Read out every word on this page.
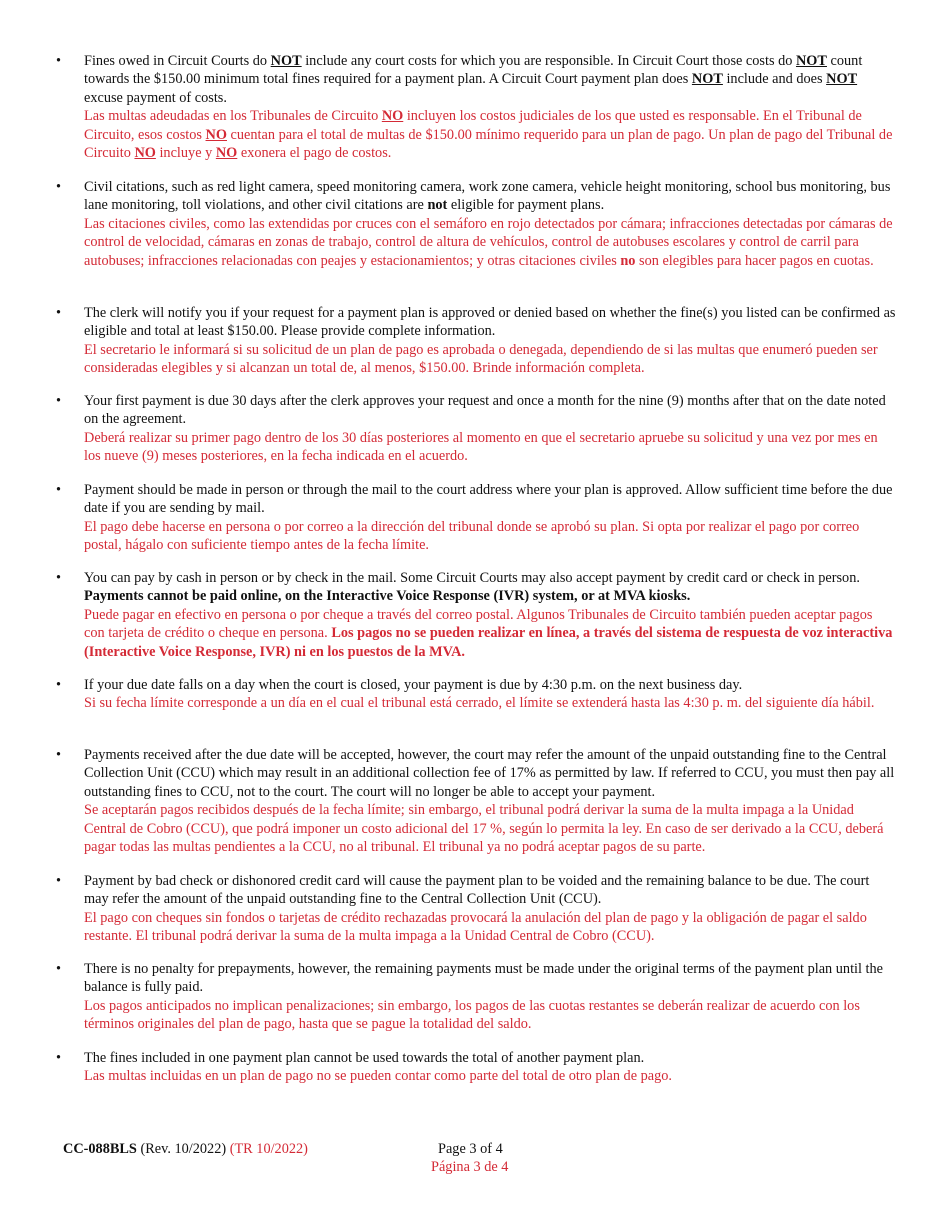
• Fines owed in Circuit Courts do NOT include any court costs for which you are responsible. In Circuit Court those costs do NOT count towards the $150.00 minimum total fines required for a payment plan. A Circuit Court payment plan does NOT include and does NOT excuse payment of costs.
Las multas adeudadas en los Tribunales de Circuito NO incluyen los costos judiciales de los que usted es responsable. En el Tribunal de Circuito, esos costos NO cuentan para el total de multas de $150.00 mínimo requerido para un plan de pago. Un plan de pago del Tribunal de Circuito NO incluye y NO exonera el pago de costos.
• Civil citations, such as red light camera, speed monitoring camera, work zone camera, vehicle height monitoring, school bus monitoring, bus lane monitoring, toll violations, and other civil citations are not eligible for payment plans.
Las citaciones civiles, como las extendidas por cruces con el semáforo en rojo detectados por cámara; infracciones detectadas por cámaras de control de velocidad, cámaras en zonas de trabajo, control de altura de vehículos, control de autobuses escolares y control de carril para autobuses; infracciones relacionadas con peajes y estacionamientos; y otras citaciones civiles no son elegibles para hacer pagos en cuotas.
• The clerk will notify you if your request for a payment plan is approved or denied based on whether the fine(s) you listed can be confirmed as eligible and total at least $150.00. Please provide complete information.
El secretario le informará si su solicitud de un plan de pago es aprobada o denegada, dependiendo de si las multas que enumeró pueden ser consideradas elegibles y si alcanzan un total de, al menos, $150.00. Brinde información completa.
• Your first payment is due 30 days after the clerk approves your request and once a month for the nine (9) months after that on the date noted on the agreement.
Deberá realizar su primer pago dentro de los 30 días posteriores al momento en que el secretario apruebe su solicitud y una vez por mes en los nueve (9) meses posteriores, en la fecha indicada en el acuerdo.
• Payment should be made in person or through the mail to the court address where your plan is approved. Allow sufficient time before the due date if you are sending by mail.
El pago debe hacerse en persona o por correo a la dirección del tribunal donde se aprobó su plan. Si opta por realizar el pago por correo postal, hágalo con suficiente tiempo antes de la fecha límite.
• You can pay by cash in person or by check in the mail. Some Circuit Courts may also accept payment by credit card or check in person. Payments cannot be paid online, on the Interactive Voice Response (IVR) system, or at MVA kiosks.
Puede pagar en efectivo en persona o por cheque a través del correo postal. Algunos Tribunales de Circuito también pueden aceptar pagos con tarjeta de crédito o cheque en persona. Los pagos no se pueden realizar en línea, a través del sistema de respuesta de voz interactiva (Interactive Voice Response, IVR) ni en los puestos de la MVA.
• If your due date falls on a day when the court is closed, your payment is due by 4:30 p.m. on the next business day.
Si su fecha límite corresponde a un día en el cual el tribunal está cerrado, el límite se extenderá hasta las 4:30 p. m. del siguiente día hábil.
• Payments received after the due date will be accepted, however, the court may refer the amount of the unpaid outstanding fine to the Central Collection Unit (CCU) which may result in an additional collection fee of 17% as permitted by law. If referred to CCU, you must then pay all outstanding fines to CCU, not to the court. The court will no longer be able to accept your payment.
Se aceptarán pagos recibidos después de la fecha límite; sin embargo, el tribunal podrá derivar la suma de la multa impaga a la Unidad Central de Cobro (CCU), que podrá imponer un costo adicional del 17 %, según lo permita la ley. En caso de ser derivado a la CCU, deberá pagar todas las multas pendientes a la CCU, no al tribunal. El tribunal ya no podrá aceptar pagos de su parte.
• Payment by bad check or dishonored credit card will cause the payment plan to be voided and the remaining balance to be due. The court may refer the amount of the unpaid outstanding fine to the Central Collection Unit (CCU).
El pago con cheques sin fondos o tarjetas de crédito rechazadas provocará la anulación del plan de pago y la obligación de pagar el saldo restante. El tribunal podrá derivar la suma de la multa impaga a la Unidad Central de Cobro (CCU).
• There is no penalty for prepayments, however, the remaining payments must be made under the original terms of the payment plan until the balance is fully paid.
Los pagos anticipados no implican penalizaciones; sin embargo, los pagos de las cuotas restantes se deberán realizar de acuerdo con los términos originales del plan de pago, hasta que se pague la totalidad del saldo.
• The fines included in one payment plan cannot be used towards the total of another payment plan.
Las multas incluidas en un plan de pago no se pueden contar como parte del total de otro plan de pago.
CC-088BLS (Rev. 10/2022) (TR 10/2022)	Page 3 of 4
Página 3 de 4
